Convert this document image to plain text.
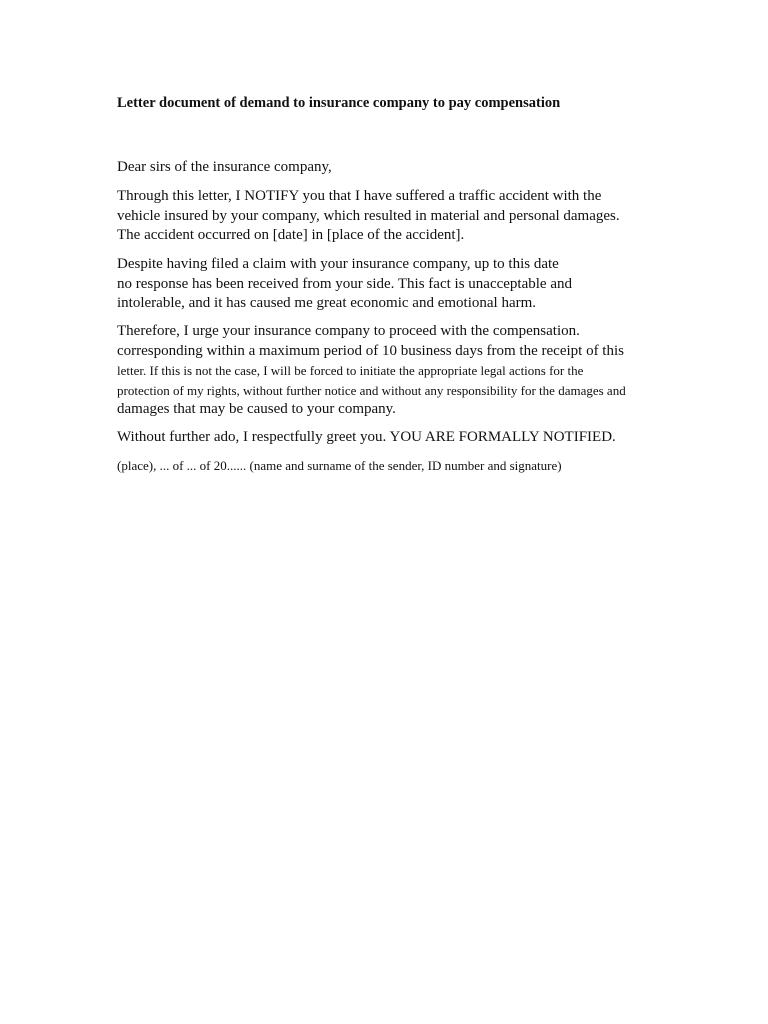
Letter document of demand to insurance company to pay compensation
Dear sirs of the insurance company,
Through this letter, I NOTIFY you that I have suffered a traffic accident with the
vehicle insured by your company, which resulted in material and personal damages.
The accident occurred on [date] in [place of the accident].
Despite having filed a claim with your insurance company, up to this date
no response has been received from your side. This fact is unacceptable and
intolerable, and it has caused me great economic and emotional harm.
Therefore, I urge your insurance company to proceed with the compensation.
corresponding within a maximum period of 10 business days from the receipt of this
letter. If this is not the case, I will be forced to initiate the appropriate legal actions for the
protection of my rights, without further notice and without any responsibility for the damages and
damages that may be caused to your company.
Without further ado, I respectfully greet you. YOU ARE FORMALLY NOTIFIED.
(place), ... of ... of 20...... (name and surname of the sender, ID number and signature)
